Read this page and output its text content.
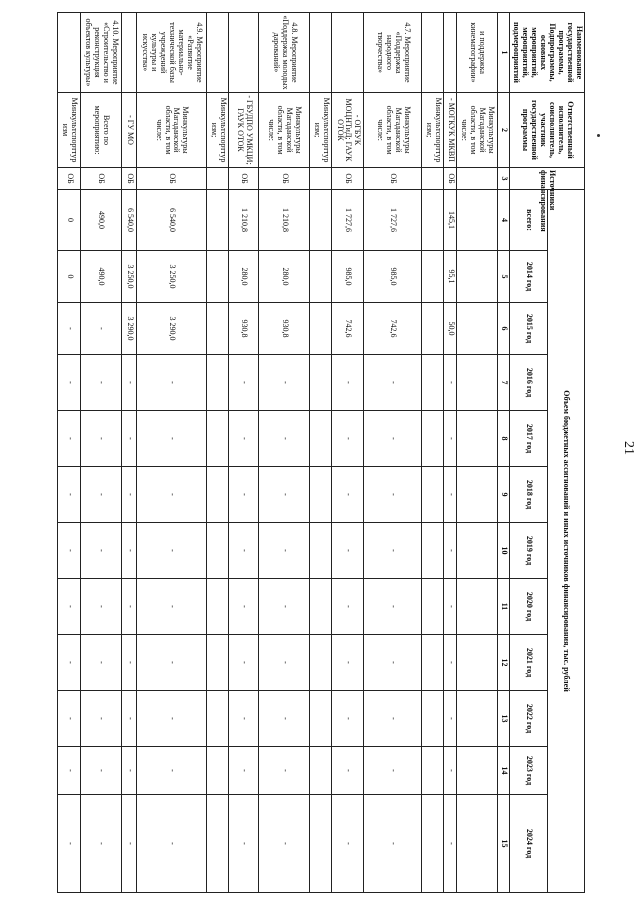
21
Наименование государственной программы, Подпрограммы, основных мероприятий, мероприятий, подмероприятий	Ответственный исполнитель, соисполнитель, участник государственной программы	Источники финансирования	Объем бюджетных ассигнований и иных источников финансирования, тыс. рублей											
			всего:	2014 год	2015 год	2016 год	2017 год	2018 год	2019 год	2020 год	2021 год	2022 год	2023 год	2024 год
1	2	3	4	5	6	7	8	9	10	11	12	13	14	15
и поддержка кинематографии»	Минкультуры Магаданской области, в том числе:													
	- МОГКУК МКВП	ОБ	145,1	95,1	50,0	-	-	-	-	-	-	-	-	-
	Минкультспорттур изм;													
4.7. Мероприятие «Поддержка народного творчества»	Минкультуры Магаданской области, в том числе:	ОБ	1 727,6	985,0	742,6	-	-	-	-	-	-	-	-	-
	- ОГБУК МОЦНТиД; ГАУК ОТОК	ОБ	1 727,6	985,0	742,6	-	-	-	-	-	-	-	-	-
	Минкультспорттур изм;													
4.8. Мероприятие «Поддержка молодых дарований»	Минкультуры Магаданской области, в том числе:	ОБ	1 210,8	280,0	930,8	-	-	-	-	-	-	-	-	-
	- ГБУДПО УМКЦИ; ГАУК ОТОК	ОБ	1 210,8	280,0	930,8	-	-	-	-	-	-	-	-	-
	Минкультспорттур изм;													
4.9. Мероприятие «Развитие материально-технической базы учреждений культуры и искусства»	Минкультуры Магаданской области, в том числе:	ОБ	6 540,0	3 250,0	3 290,0	-	-	-	-	-	-	-	-	-
	- ГУ МО	ОБ	6 540,0	3 250,0	3 290,0	-	-	-	-	-	-	-	-	-
4.10. Мероприятие «Строительство и реконструкция объектов культуры»	Всего по мероприятию:	ОБ	490,0	490,0	-	-	-	-	-	-	-	-	-	-
	Минкультспорттур изм	ОБ	0	0	-	-	-	-	-	-	-	-	-	-
